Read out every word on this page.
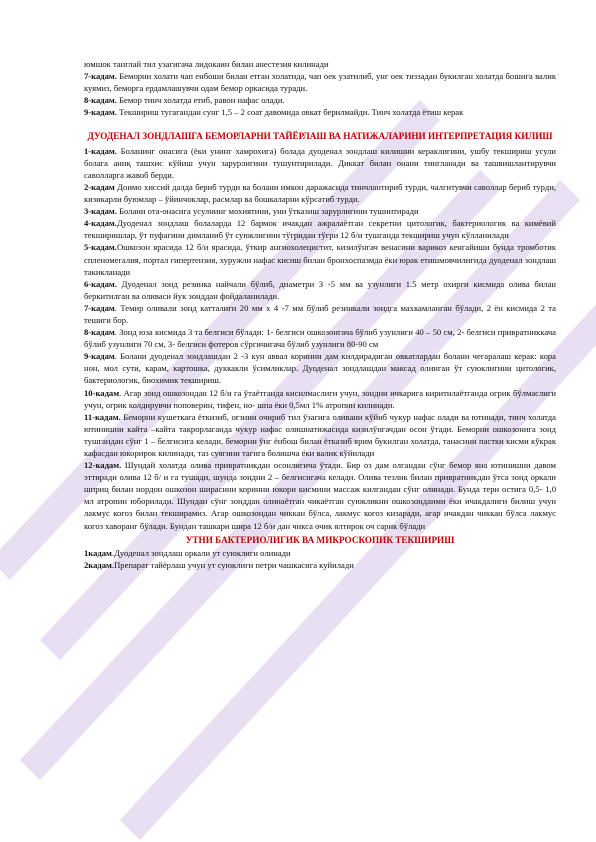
юмшок танглай тил узагигача лидокаин билан анестезия килинади
7-кадам. Беморни холати чап енбоши билан етган холатида, чап оек узатилиб, унг оек тиззадан букилган холатда бошига валик куямиз, беморга ердамлашувчи одам бемор оркасида туради.
8-кадам. Бемор тинч холатда етиб, равон нафас олади.
9-кадам. Текшириш тугагандан сунг 1,5 – 2 соат давомида овкат берилмайди. Тинч холатда ётиш керак
ДУОДЕНАЛ ЗОНДЛАШГА БЕМОРЛАРНИ ТАЙЁРЛАШ ВА НАТИЖАЛАРИНИ ИНТЕРПРЕТАЦИЯ КИЛИШ
1-кадам. Боланинг онасига (ёки унинг хамрохига) болада дуоденал зондлаш килишни кераклигини, ушбу текшириш усули болага аниқ ташхис кўйиш учун зарурлигини тушунтирилади. Диккат билан онани тингланади ва ташвишлантирувчи саволларга жавоб берди.
2-кадам Доимо хиссий далда бериб турди ва болани имкон даражасида тинчлантириб турди, чалгитувчи саволлар бериб турди, кизикарли буюмлар – ўйинчоклар, расмлар ва бошкаларни кўрсатиб турди.
3-кадам. Болани ота-онасига усулнинг мохиятини, уни ўтказиш зарурлигини тушинтиради
4-кадам.Дуоденал зондлаш болаларда 12 бармок ичакдан ажралаётган секретни цитологик, бактериологик ва кимёвий текширишлар, ўт пуфагини димланиб ўт суюклигини тўгридан тўгри 12 б/и тушганда текшириш учун кўлланилади
5-кадам.Ошкозон ярасида 12 б/и ярасида, ўткир ангиохолецистит, кизилўнгач венасини варикоз кенгайиши бунда тромботик спленомегалия, портал гипертензия, хуружли нафас кисиш билан бронхоспазмда ёки юрак етишмовчилигида дуоденал зондлаш такикланади
6-кадам. Дуоденал зонд резинка найчали бўлиб, диаметри 3 -5 мм ва узунлиги 1.5 метр охирги кисмида олива билан беркитилган ва оливаси йук зонддан фойдаланилади.
7-кадам. Темир оливали зонд катталиги 20 мм х 4 -7 мм бўлиб резинкали зондга махкамланган бўлади, 2 ён кисмида 2 та тешиги бор.
8-кадам. Зонд юза кисмида 3 та белгиси бўлади: 1- белгиси ошкозонгача бўлиб узунлиги 40 – 50 см, 2- белгиси привратниккача бўлиб узунлиги 70 см, 3- белгиси фотеров сўргичигача бўлиб узунлиги 80-90 см
9-кадам. Болани дуоденал зондлашдан 2 -3 кун аввал коринни дам килдирадиган овкатлардан болани чегаралаш керак: кора нон, мол сути, карам, картошка, дуккакли ўсимликлар. Дуоденал зондлашдан максад олинган ўт суюклигини цитологик, бактериологик, биохимик текшириш.
10-кадам. Агар зонд ошкозондан 12 б/и га ўтаётганда кисилмаслиги учун, зондни ичкарига киритилаётганда огрик бўлмаслиги учун, огрик колдирувчи поповерин, тифен, но- шпа ёки 0,5мл 1% атропин килинади.
11-кадам. Беморни кушеткага ёткизиб, оғзини очириб тил ўзагига оливани кўйиб чукур нафас олади ва ютинади, тинч холатда ютинишни кайта –кайта такрорлаганда чукур нафас олишнатижасида кизилўнгачдан осон ўтади. Беморни ошкозонига зонд тушгандан сўнг 1 – белгисига келади, беморни ўнг ёнбош билан ётказиб ярим букилган холатда, танасини пастки кисми кўкрак кафасдан юкорирок килинади, таз суягини тагига болишча ёки валик кўйилади
12-кадам. Шундай холатда олива привратникдан осонлигича ўтади. Бир оз дам олгандан сўнг бемор яна ютинишни давом эттиради олива 12 б/ и га тушади, шунда зондни 2 – белгисигача келади. Олива тезлик билан привратникдан ўтса зонд оркали шприц билан нордон ошкозон ширасини коринни юкори кисмини массаж килгандан сўнг олинади. Бунда тери остига 0,5- 1,0 мл атропин юборилади. Шундан сўнг зонддан олинаётган чикаётган суюкликни ошкозондаими ёки ичакдалиги билиш учун лакмус когоз билан текширамиз. Агар ошкозондан чиккан бўлса, лакмус когоз кизаради, агар ичакдан чиккан бўлса лакмус когоз хаворанг бўлади. Бундан ташкари шира 12 б/и дан чикса очик ялтирок оч сарик бўлади
УТНИ БАКТЕРИОЛИГИК ВА МИКРОСКОПИК ТЕКШИРИШ
1кадам.Дуоденал зондлаш оркали ут суюклиги олинади
2кадам.Препарат тайёрлаш учун ут суюклиги петри чашкасига куйилади
